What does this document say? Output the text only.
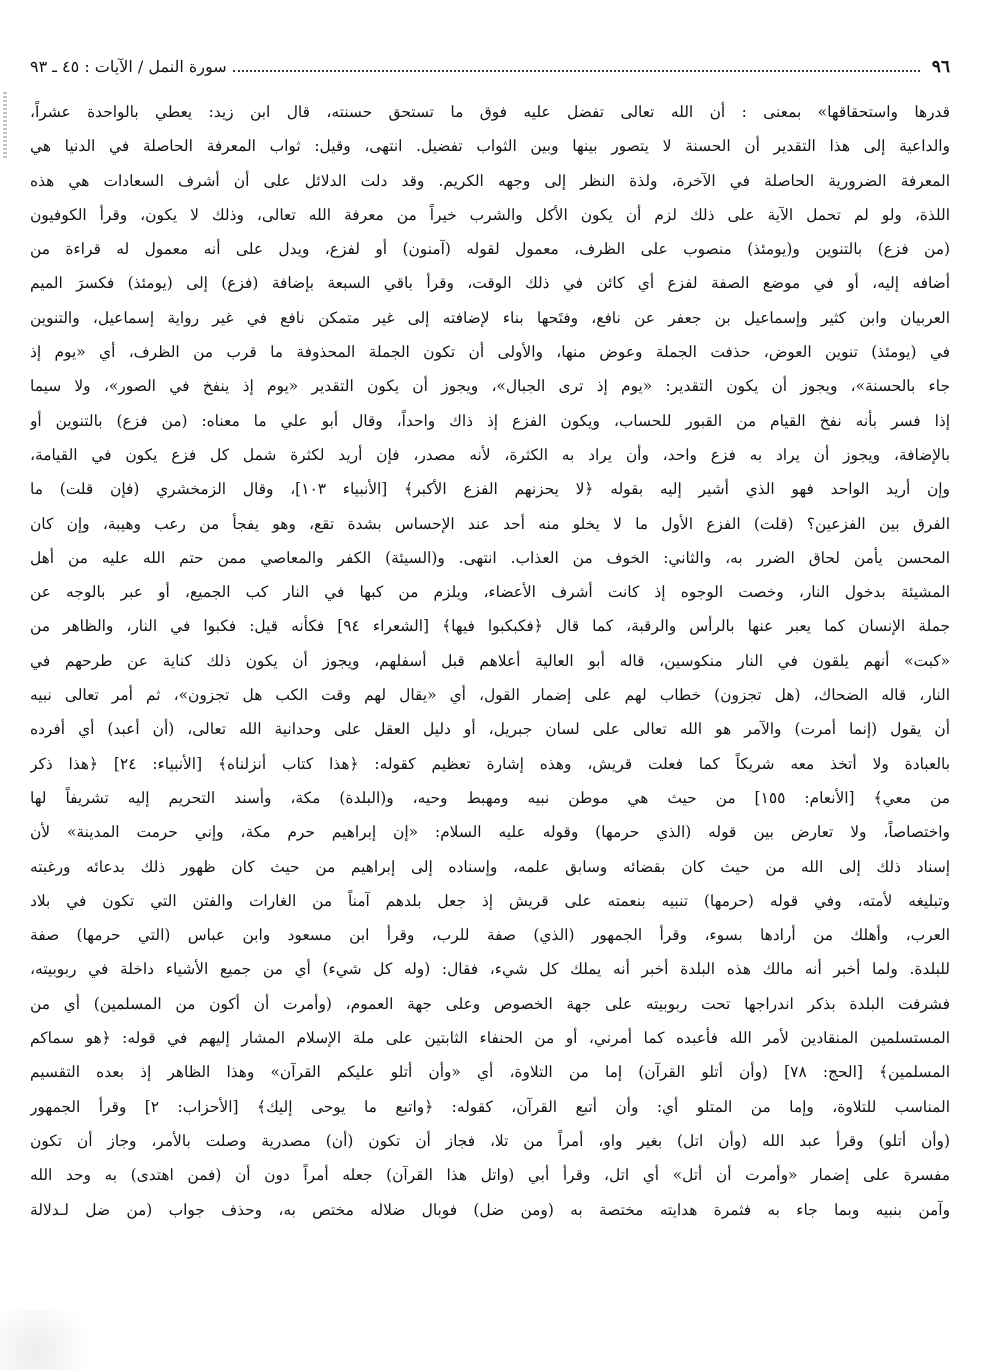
٩٦
سورة النمل / الآيات : ٤٥ ـ ٩٣
قدرها واستحقاقها» بمعنى : أن الله تعالى تفضل عليه فوق ما تستحق حسنته، قال ابن زيد: يعطي بالواحدة عشراً،
والداعية إلى هذا التقدير أن الحسنة لا يتصور بينها وبين الثواب تفضيل. انتهى، وقيل: ثواب المعرفة الحاصلة في الدنيا هي
المعرفة الضرورية الحاصلة في الآخرة، ولذة النظر إلى وجهه الكريم. وقد دلت الدلائل على أن أشرف السعادات هي هذه
اللذة، ولو لم تحمل الآية على ذلك لزم أن يكون الأكل والشرب خيراً من معرفة الله تعالى، وذلك لا يكون، وقرأ الكوفيون
(من فزع) بالتنوين و(يومئذ) منصوب على الظرف، معمول لقوله (آمنون) أو لفزع، ويدل على أنه معمول له قراءة من
أضافه إليه، أو في موضع الصفة لفزع أي كائن في ذلك الوقت، وقرأ باقي السبعة بإضافة (فزع) إلى (يومئذ) فكسرَ الميم
العربيان وابن كثير وإسماعيل بن جعفر عن نافع، وفتَحها بناء لإضافته إلى غير متمكن نافع في غير رواية إسماعيل، والتنوين
في (يومئذ) تنوين العوض، حذفت الجملة وعوض منها، والأولى أن تكون الجملة المحذوفة ما قرب من الظرف، أي «يوم إذ
جاء بالحسنة»، ويجوز أن يكون التقدير: «يوم إذ ترى الجبال»، ويجوز أن يكون التقدير «يوم إذ ينفخ في الصور»، ولا سيما
إذا فسر بأنه نفخ القيام من القبور للحساب، ويكون الفزع إذ ذاك واحداً، وقال أبو علي ما معناه: (من فزع) بالتنوين أو
بالإضافة، ويجوز أن يراد به فزع واحد، وأن يراد به الكثرة، لأنه مصدر، فإن أريد لكثرة شمل كل فزع يكون في القيامة،
وإن أريد الواحد فهو الذي أشير إليه بقوله ﴿لا يحزنهم الفزع الأكبر﴾ [الأنبياء ١٠٣]، وقال الزمخشري (فإن قلت) ما
الفرق بين الفزعين؟ (قلت) الفزع الأول ما لا يخلو منه أحد عند الإحساس بشدة تقع، وهو يفجأ من رعب وهيبة، وإن كان
المحسن يأمن لحاق الضرر به، والثاني: الخوف من العذاب. انتهى. و(السيئة) الكفر والمعاصي ممن حتم الله عليه من أهل
المشيئة بدخول النار، وخصت الوجوه إذ كانت أشرف الأعضاء، ويلزم من كبها في النار كب الجميع، أو عبر بالوجه عن
جملة الإنسان كما يعبر عنها بالرأس والرقبة، كما قال ﴿فكبكبوا فيها﴾ [الشعراء ٩٤] فكأنه قيل: فكبوا في النار، والظاهر من
«كبت» أنهم يلقون في النار منكوسين، قاله أبو العالية أعلاهم قبل أسفلهم، ويجوز أن يكون ذلك كناية عن طرحهم في
النار، قاله الضحاك، (هل تجزون) خطاب لهم على إضمار القول، أي «يقال لهم وقت الكب هل تجزون»، ثم أمر تعالى نبيه
أن يقول (إنما أمرت) والآمر هو الله تعالى على لسان جبريل، أو دليل العقل على وحدانية الله تعالى، (أن أعبد) أي أفرده
بالعبادة ولا أتخذ معه شريكاً كما فعلت قريش، وهذه إشارة تعظيم كقوله: ﴿هذا كتاب أنزلناه﴾ [الأنبياء: ٢٤] ﴿هذا ذكر
من معي﴾ [الأنعام: ١٥٥] من حيث هي موطن نبيه ومهبط وحيه، و(البلدة) مكة، وأسند التحريم إليه تشريفاً لها
واختصاصاً، ولا تعارض بين قوله (الذي حرمها) وقوله عليه السلام: «إن إبراهيم حرم مكة، وإني حرمت المدينة» لأن
إسناد ذلك إلى الله من حيث كان بقضائه وسابق علمه، وإسناده إلى إبراهيم من حيث كان ظهور ذلك بدعائه ورغبته
وتبليغه لأمته، وفي قوله (حرمها) تنبيه بنعمته على قريش إذ جعل بلدهم آمناً من الغارات والفتن التي تكون في بلاد
العرب، وأهلك من أرادها بسوء، وقرأ الجمهور (الذي) صفة للرب، وقرأ ابن مسعود وابن عباس (التي حرمها) صفة
للبلدة. ولما أخبر أنه مالك هذه البلدة أخبر أنه يملك كل شيء، فقال: (وله كل شيء) أي من جميع الأشياء داخلة في ربوبيته،
فشرفت البلدة بذكر اندراجها تحت ربوبيته على جهة الخصوص وعلى جهة العموم، (وأمرت أن أكون من المسلمين) أي من
المستسلمين المنقادين لأمر الله فأعبده كما أمرني، أو من الحنفاء الثابتين على ملة الإسلام المشار إليهم في قوله: ﴿هو سماكم
المسلمين﴾ [الحج: ٧٨] (وأن أتلو القرآن) إما من التلاوة، أي «وأن أتلو عليكم القرآن» وهذا الظاهر إذ بعده التقسيم
المناسب للتلاوة، وإما من المتلو أي: وأن أتبع القرآن، كقوله: ﴿واتبع ما يوحى إليك﴾ [الأحزاب: ٢] وقرأ الجمهور
(وأن أتلو) وقرأ عبد الله (وأن اتل) بغير واو، أمراً من تلا، فجاز أن تكون (أن) مصدرية وصلت بالأمر، وجاز أن تكون
مفسرة على إضمار «وأمرت أن أتل» أي اتل، وقرأ أبي (واتل هذا القرآن) جعله أمراً دون أن (فمن اهتدى) به وحد الله
وآمن بنبيه وبما جاء به فثمرة هدايته مختصة به (ومن ضل) فوبال ضلاله مختص به، وحذف جواب (من ضل لـدلالة
